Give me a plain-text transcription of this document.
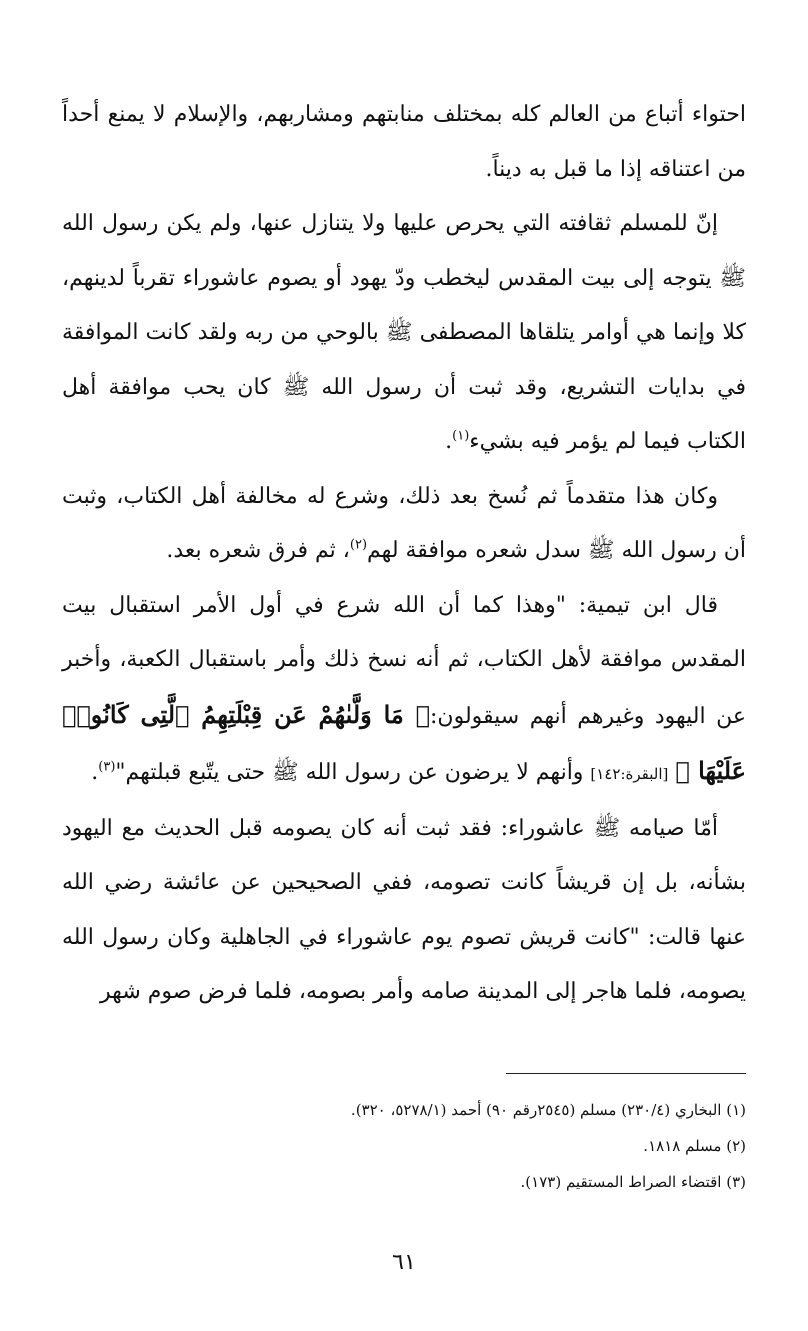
احتواء أتباع من العالم كله بمختلف منابتهم ومشاربهم، والإسلام لا يمنع أحداً من اعتناقه إذا ما قبل به ديناً.

إنّ للمسلم ثقافته التي يحرص عليها ولا يتنازل عنها، ولم يكن رسول الله ﷺ يتوجه إلى بيت المقدس ليخطب ودّ يهود أو يصوم عاشوراء تقرباً لدينهم، كلا وإنما هي أوامر يتلقاها المصطفى ﷺ بالوحي من ربه ولقد كانت الموافقة في بدايات التشريع، وقد ثبت أن رسول الله ﷺ كان يحب موافقة أهل الكتاب فيما لم يؤمر فيه بشيء$^{(١)}$.

وكان هذا متقدماً ثم نُسخ بعد ذلك، وشرع له مخالفة أهل الكتاب، وثبت أن رسول الله ﷺ سدل شعره موافقة لهم$^{(٢)}$، ثم فرق شعره بعد.

قال ابن تيمية: "وهذا كما أن الله شرع في أول الأمر استقبال بيت المقدس موافقة لأهل الكتاب، ثم أنه نسخ ذلك وأمر باستقبال الكعبة، وأخبر عن اليهود وغيرهم أنهم سيقولون:﴿ مَا وَلَّىٰهُمْ عَن قِبْلَتِهِمُ ٱلَّتِى كَانُوا۟ عَلَيْهَا ﴾ [البقرة:١٤٢] وأنهم لا يرضون عن رسول الله ﷺ حتى يتّبع قبلتهم"$^{(٣)}$.

أمّا صيامه ﷺ عاشوراء: فقد ثبت أنه كان يصومه قبل الحديث مع اليهود بشأنه، بل إن قريشاً كانت تصومه، ففي الصحيحين عن عائشة رضي الله عنها قالت: "كانت قريش تصوم يوم عاشوراء في الجاهلية وكان رسول الله يصومه، فلما هاجر إلى المدينة صامه وأمر بصومه، فلما فرض صوم شهر

(١) البخاري (٢٣٠/٤) مسلم (٢٥٤٥رقم ٩٠) أحمد (٥٢٧٨/١، ٣٢٠).
(٢) مسلم ١٨١٨.
(٣) اقتضاء الصراط المستقيم (١٧٣).
٦١
